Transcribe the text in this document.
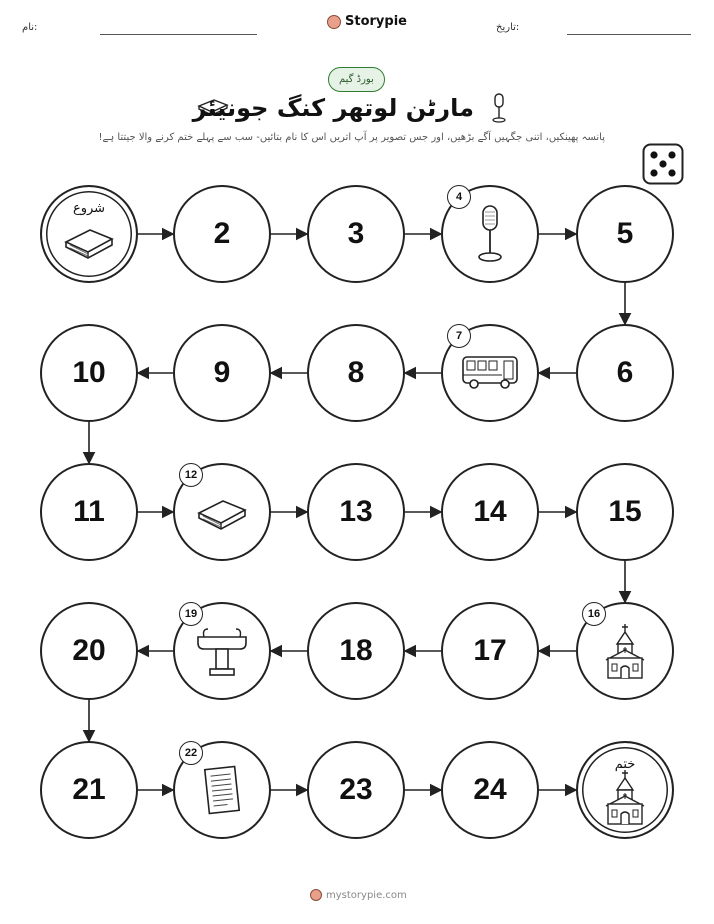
نام:	Storypie	تاریخ:
بورڈ گیم
مارٹن لوتھر کنگ جونیئر
پانسہ پھینکیں، اتنی جگہیں آگے بڑھیں، اور جس تصویر پر آپ اتریں اس کا نام بتائیں- سب سے پہلے ختم کرنے والا جیتتا ہے!
شروع
2	3
4
5
6
7
8
9
10
11
12
13	14	15
16
17
18
19
20
21
22
23	24
ختم
mystorypie.com
